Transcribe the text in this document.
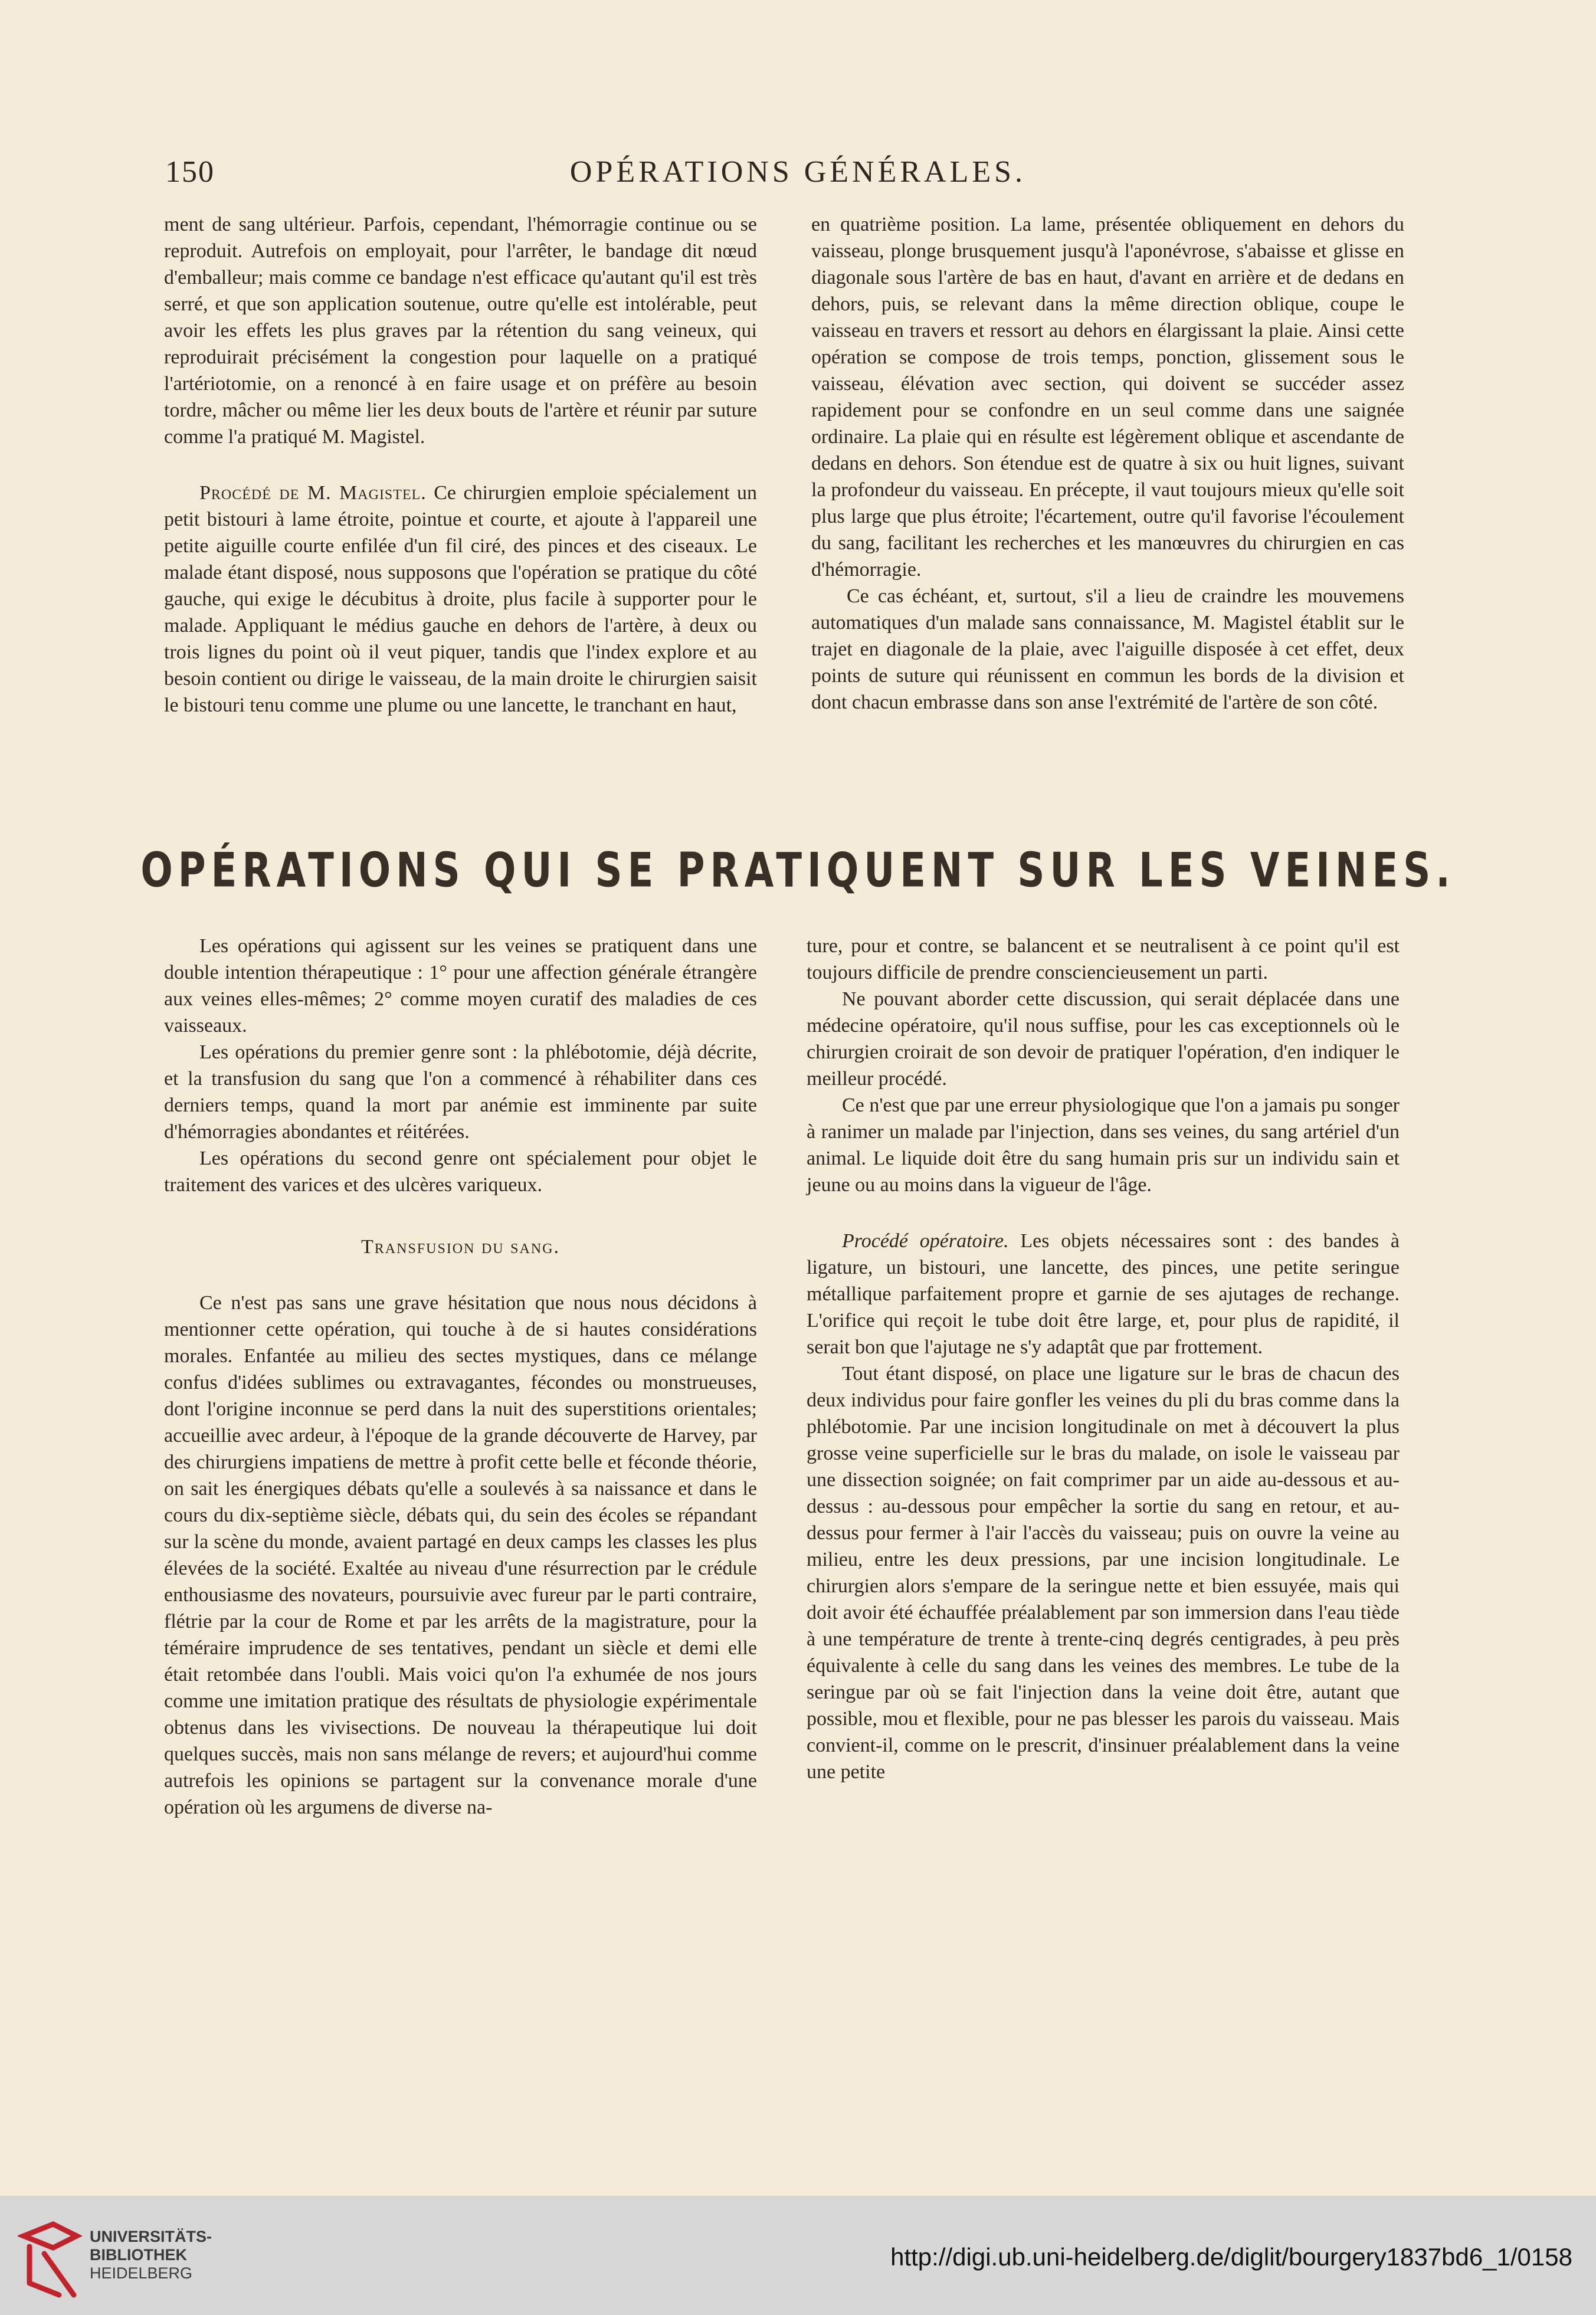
150	OPÉRATIONS GÉNÉRALES.

ment de sang ultérieur. Parfois, cependant, l'hémorragie continue ou se reproduit. Autrefois on employait, pour l'arrêter, le bandage dit nœud d'emballeur; mais comme ce bandage n'est efficace qu'autant qu'il est très serré, et que son application soutenue, outre qu'elle est intolérable, peut avoir les effets les plus graves par la rétention du sang veineux, qui reproduirait précisément la congestion pour laquelle on a pratiqué l'artériotomie, on a renoncé à en faire usage et on préfère au besoin tordre, mâcher ou même lier les deux bouts de l'artère et réunir par suture comme l'a pratiqué M. Magistel.

Procédé de M. Magistel. Ce chirurgien emploie spécialement un petit bistouri à lame étroite, pointue et courte, et ajoute à l'appareil une petite aiguille courte enfilée d'un fil ciré, des pinces et des ciseaux. Le malade étant disposé, nous supposons que l'opération se pratique du côté gauche, qui exige le décubitus à droite, plus facile à supporter pour le malade. Appliquant le médius gauche en dehors de l'artère, à deux ou trois lignes du point où il veut piquer, tandis que l'index explore et au besoin contient ou dirige le vaisseau, de la main droite le chirurgien saisit le bistouri tenu comme une plume ou une lancette, le tranchant en haut,

en quatrième position. La lame, présentée obliquement en dehors du vaisseau, plonge brusquement jusqu'à l'aponévrose, s'abaisse et glisse en diagonale sous l'artère de bas en haut, d'avant en arrière et de dedans en dehors, puis, se relevant dans la même direction oblique, coupe le vaisseau en travers et ressort au dehors en élargissant la plaie. Ainsi cette opération se compose de trois temps, ponction, glissement sous le vaisseau, élévation avec section, qui doivent se succéder assez rapidement pour se confondre en un seul comme dans une saignée ordinaire. La plaie qui en résulte est légèrement oblique et ascendante de dedans en dehors. Son étendue est de quatre à six ou huit lignes, suivant la profondeur du vaisseau. En précepte, il vaut toujours mieux qu'elle soit plus large que plus étroite; l'écartement, outre qu'il favorise l'écoulement du sang, facilitant les recherches et les manœuvres du chirurgien en cas d'hémorragie.

Ce cas échéant, et, surtout, s'il a lieu de craindre les mouvemens automatiques d'un malade sans connaissance, M. Magistel établit sur le trajet en diagonale de la plaie, avec l'aiguille disposée à cet effet, deux points de suture qui réunissent en commun les bords de la division et dont chacun embrasse dans son anse l'extrémité de l'artère de son côté.

OPÉRATIONS QUI SE PRATIQUENT SUR LES VEINES.

Les opérations qui agissent sur les veines se pratiquent dans une double intention thérapeutique : 1° pour une affection générale étrangère aux veines elles-mêmes; 2° comme moyen curatif des maladies de ces vaisseaux.

Les opérations du premier genre sont : la phlébotomie, déjà décrite, et la transfusion du sang que l'on a commencé à réhabiliter dans ces derniers temps, quand la mort par anémie est imminente par suite d'hémorragies abondantes et réitérées.

Les opérations du second genre ont spécialement pour objet le traitement des varices et des ulcères variqueux.

Transfusion du sang.

Ce n'est pas sans une grave hésitation que nous nous décidons à mentionner cette opération, qui touche à de si hautes considérations morales. Enfantée au milieu des sectes mystiques, dans ce mélange confus d'idées sublimes ou extravagantes, fécondes ou monstrueuses, dont l'origine inconnue se perd dans la nuit des superstitions orientales; accueillie avec ardeur, à l'époque de la grande découverte de Harvey, par des chirurgiens impatiens de mettre à profit cette belle et féconde théorie, on sait les énergiques débats qu'elle a soulevés à sa naissance et dans le cours du dix-septième siècle, débats qui, du sein des écoles se répandant sur la scène du monde, avaient partagé en deux camps les classes les plus élevées de la société. Exaltée au niveau d'une résurrection par le crédule enthousiasme des novateurs, poursuivie avec fureur par le parti contraire, flétrie par la cour de Rome et par les arrêts de la magistrature, pour la téméraire imprudence de ses tentatives, pendant un siècle et demi elle était retombée dans l'oubli. Mais voici qu'on l'a exhumée de nos jours comme une imitation pratique des résultats de physiologie expérimentale obtenus dans les vivisections. De nouveau la thérapeutique lui doit quelques succès, mais non sans mélange de revers; et aujourd'hui comme autrefois les opinions se partagent sur la convenance morale d'une opération où les argumens de diverse na-

ture, pour et contre, se balancent et se neutralisent à ce point qu'il est toujours difficile de prendre consciencieusement un parti.

Ne pouvant aborder cette discussion, qui serait déplacée dans une médecine opératoire, qu'il nous suffise, pour les cas exceptionnels où le chirurgien croirait de son devoir de pratiquer l'opération, d'en indiquer le meilleur procédé.

Ce n'est que par une erreur physiologique que l'on a jamais pu songer à ranimer un malade par l'injection, dans ses veines, du sang artériel d'un animal. Le liquide doit être du sang humain pris sur un individu sain et jeune ou au moins dans la vigueur de l'âge.

Procédé opératoire. Les objets nécessaires sont : des bandes à ligature, un bistouri, une lancette, des pinces, une petite seringue métallique parfaitement propre et garnie de ses ajutages de rechange. L'orifice qui reçoit le tube doit être large, et, pour plus de rapidité, il serait bon que l'ajutage ne s'y adaptât que par frottement.

Tout étant disposé, on place une ligature sur le bras de chacun des deux individus pour faire gonfler les veines du pli du bras comme dans la phlébotomie. Par une incision longitudinale on met à découvert la plus grosse veine superficielle sur le bras du malade, on isole le vaisseau par une dissection soignée; on fait comprimer par un aide au-dessous et au-dessus : au-dessous pour empêcher la sortie du sang en retour, et au-dessus pour fermer à l'air l'accès du vaisseau; puis on ouvre la veine au milieu, entre les deux pressions, par une incision longitudinale. Le chirurgien alors s'empare de la seringue nette et bien essuyée, mais qui doit avoir été échauffée préalablement par son immersion dans l'eau tiède à une température de trente à trente-cinq degrés centigrades, à peu près équivalente à celle du sang dans les veines des membres. Le tube de la seringue par où se fait l'injection dans la veine doit être, autant que possible, mou et flexible, pour ne pas blesser les parois du vaisseau. Mais convient-il, comme on le prescrit, d'insinuer préalablement dans la veine une petite

UNIVERSITÄTS-
BIBLIOTHEK
HEIDELBERG
http://digi.ub.uni-heidelberg.de/diglit/bourgery1837bd6_1/0158
